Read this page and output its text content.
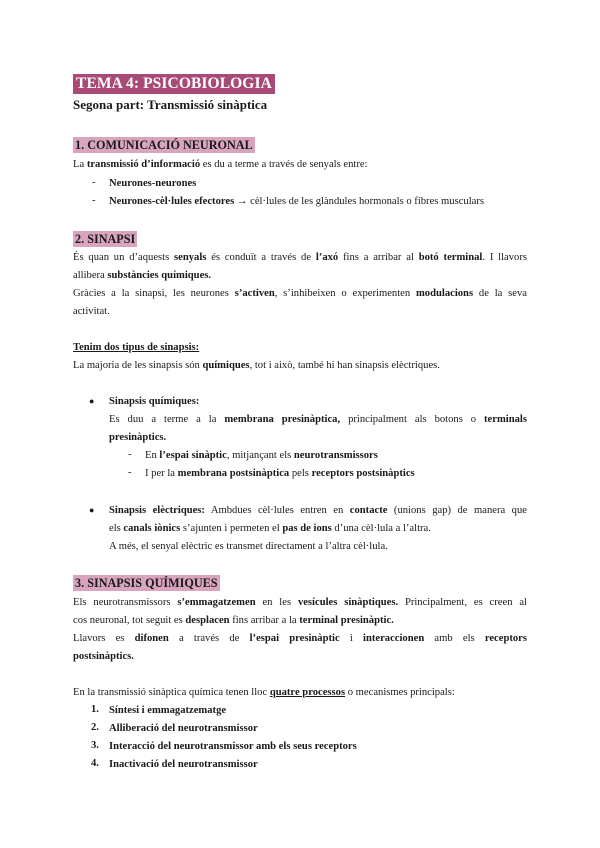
TEMA 4: PSICOBIOLOGIA
Segona part: Transmissió sinàptica
1. COMUNICACIÓ NEURONAL
La transmissió d’informació es du a terme a través de senyals entre:
- Neurones-neurones
- Neurones-cèl·lules efectores → cèl·lules de les glàndules hormonals o fibres musculars
2. SINAPSI
És quan un d’aquests senyals és conduït a través de l’axó fins a arribar al botó terminal. I llavors
allibera substàncies químiques.
Gràcies a la sinapsi, les neurones s’activen, s’inhibeixen o experimenten modulacions de la seva
activitat.
Tenim dos tipus de sinapsis:
La majoria de les sinapsis són químiques, tot i això, també hi han sinapsis elèctriques.
● Sinapsis químiques:
Es duu a terme a la membrana presinàptica, principalment als botons o terminals
presinàptics.
- En l’espai sinàptic, mitjançant els neurotransmissors
- I per la membrana postsinàptica pels receptors postsinàptics
● Sinapsis elèctriques: Ambdues cèl·lules entren en contacte (unions gap) de manera que
els canals iònics s’ajunten i permeten el pas de ions d’una cèl·lula a l’altra.
A més, el senyal elèctric es transmet directament a l’altra cèl·lula.
3. SINAPSIS QUÍMIQUES
Els neurotransmissors s’emmagatzemen en les vesícules sinàptiques. Principalment, es creen al
cos neuronal, tot seguit es desplacen fins arribar a la terminal presinàptic.
Llavors es difonen a través de l’espai presinàptic i interaccionen amb els receptors
postsinàptics.
En la transmissió sinàptica química tenen lloc quatre processos o mecanismes principals:
1. Síntesi i emmagatzematge
2. Alliberació del neurotransmissor
3. Interacció del neurotransmissor amb els seus receptors
4. Inactivació del neurotransmissor
